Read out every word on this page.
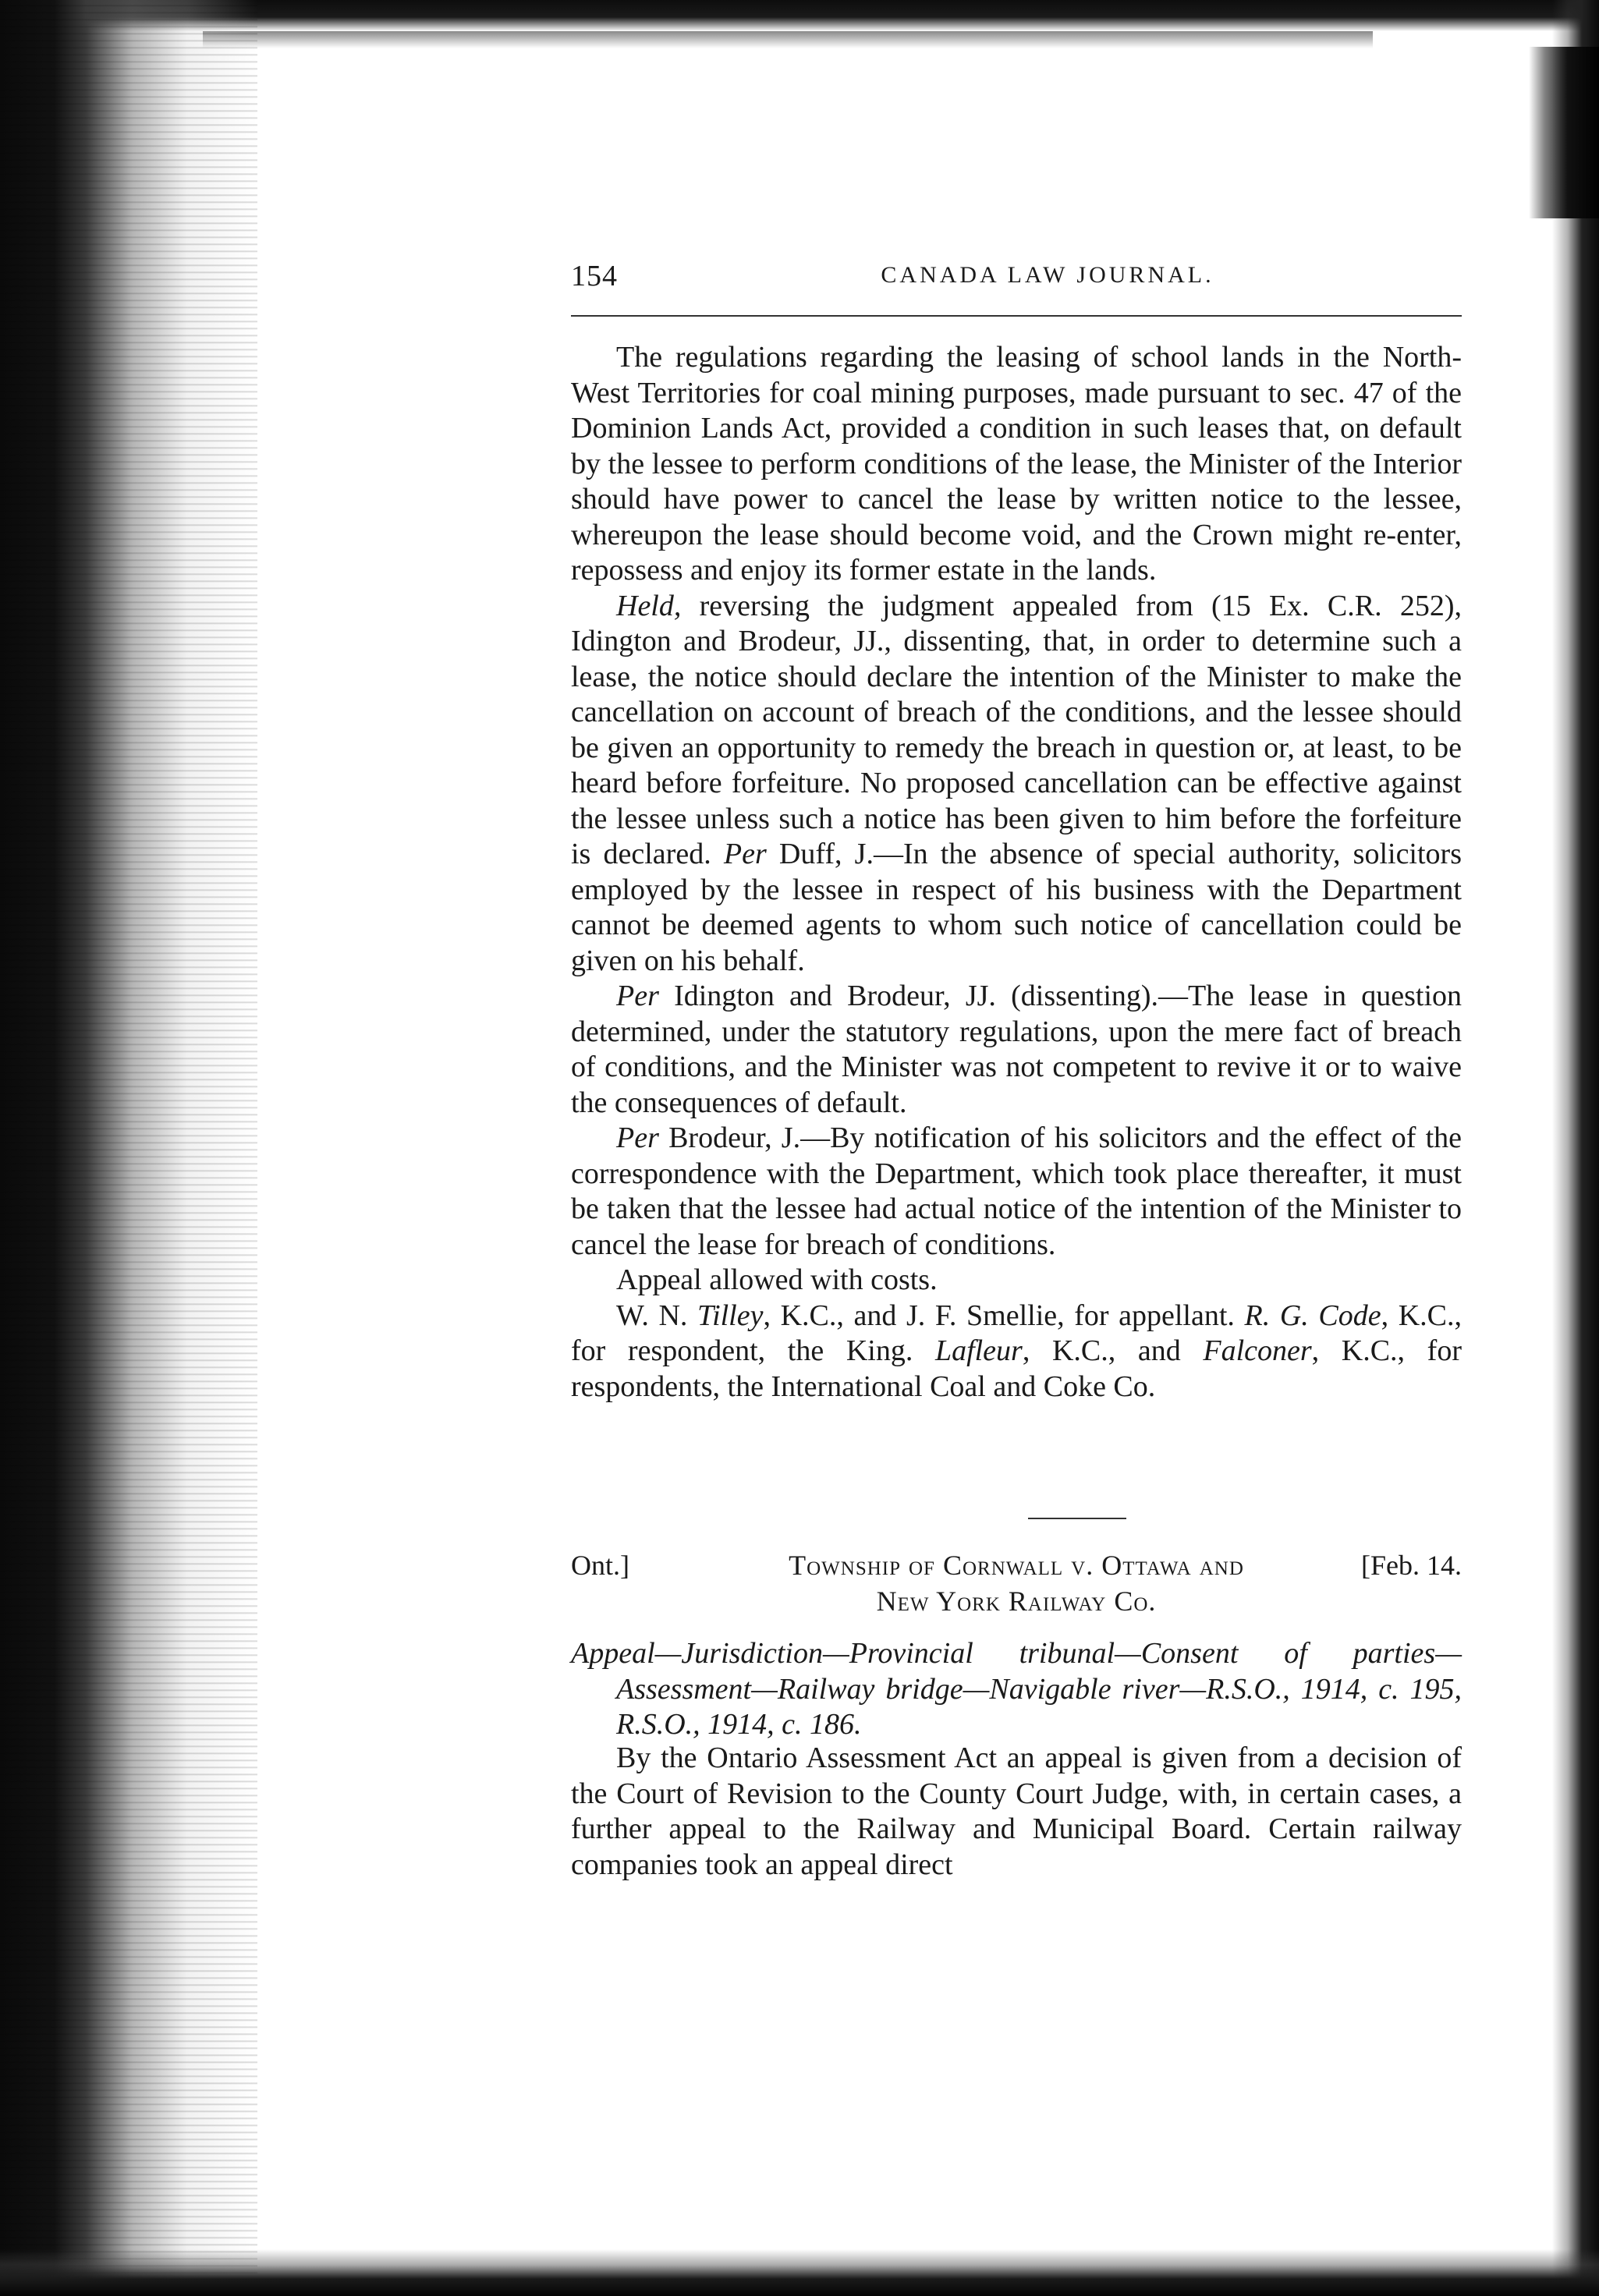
154	CANADA LAW JOURNAL.

The regulations regarding the leasing of school lands in the North-West Territories for coal mining purposes, made pursuant to sec. 47 of the Dominion Lands Act, provided a condition in such leases that, on default by the lessee to perform conditions of the lease, the Minister of the Interior should have power to cancel the lease by written notice to the lessee, whereupon the lease should become void, and the Crown might re-enter, repossess and enjoy its former estate in the lands.

Held, reversing the judgment appealed from (15 Ex. C.R. 252), Idington and Brodeur, JJ., dissenting, that, in order to determine such a lease, the notice should declare the intention of the Minister to make the cancellation on account of breach of the conditions, and the lessee should be given an opportunity to remedy the breach in question or, at least, to be heard before forfeiture. No proposed cancellation can be effective against the lessee unless such a notice has been given to him before the forfeiture is declared. Per Duff, J.—In the absence of special authority, solicitors employed by the lessee in respect of his business with the Department cannot be deemed agents to whom such notice of cancellation could be given on his behalf.

Per Idington and Brodeur, JJ. (dissenting).—The lease in question determined, under the statutory regulations, upon the mere fact of breach of conditions, and the Minister was not competent to revive it or to waive the consequences of default.

Per Brodeur, J.—By notification of his solicitors and the effect of the correspondence with the Department, which took place thereafter, it must be taken that the lessee had actual notice of the intention of the Minister to cancel the lease for breach of conditions.

Appeal allowed with costs.

W. N. Tilley, K.C., and J. F. Smellie, for appellant. R. G. Code, K.C., for respondent, the King. Lafleur, K.C., and Falconer, K.C., for respondents, the International Coal and Coke Co.

Ont.]	Township of Cornwall v. Ottawa and
New York Railway Co.
[Feb. 14.
Appeal—Jurisdiction—Provincial tribunal—Consent of parties—Assessment—Railway bridge—Navigable river—R.S.O., 1914, c. 195, R.S.O., 1914, c. 186.

By the Ontario Assessment Act an appeal is given from a decision of the Court of Revision to the County Court Judge, with, in certain cases, a further appeal to the Railway and Municipal Board. Certain railway companies took an appeal direct
